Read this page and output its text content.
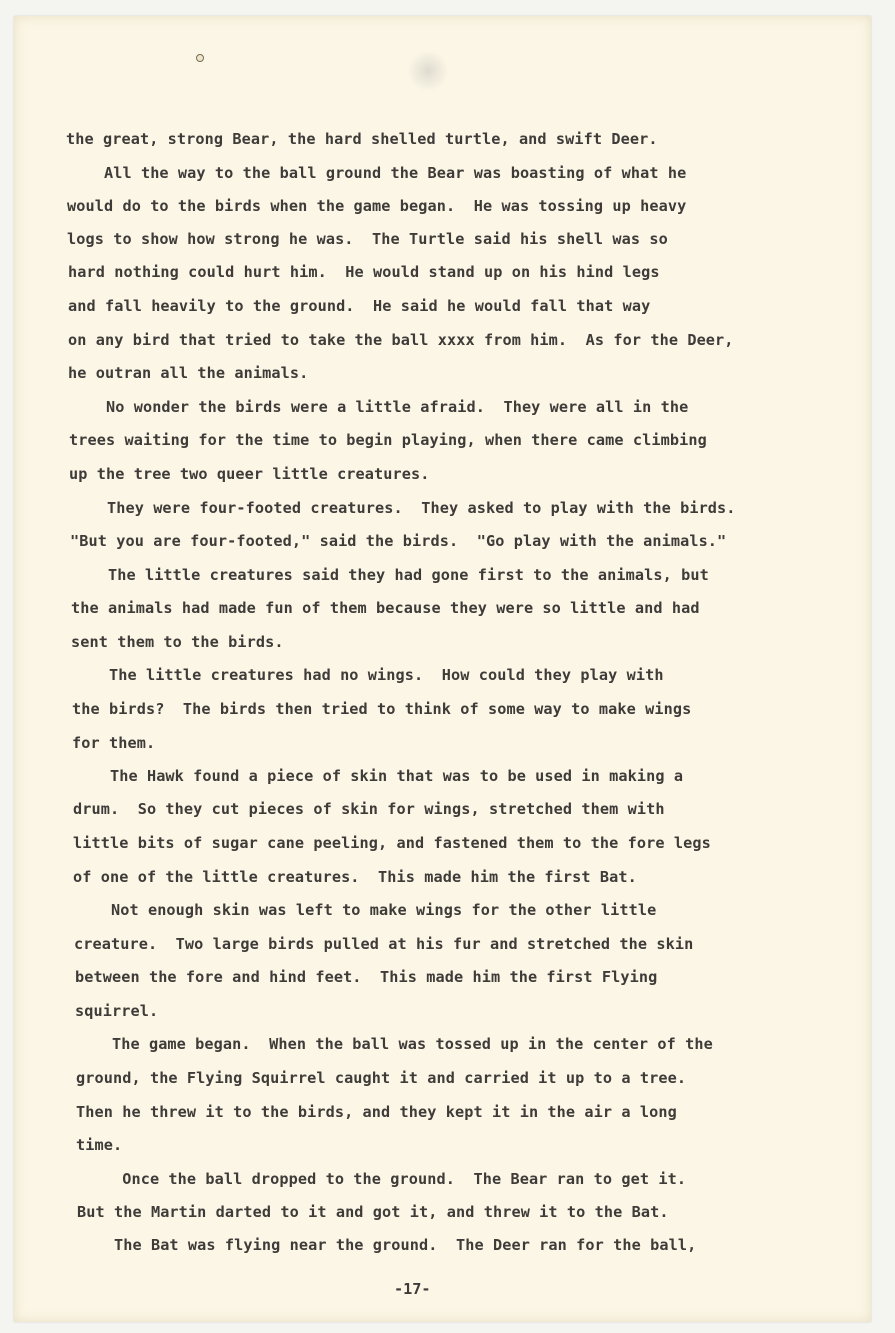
the great, strong Bear, the hard shelled turtle, and swift Deer.
All the way to the ball ground the Bear was boasting of what he
would do to the birds when the game began.  He was tossing up heavy
logs to show how strong he was.  The Turtle said his shell was so
hard nothing could hurt him.  He would stand up on his hind legs
and fall heavily to the ground.  He said he would fall that way
on any bird that tried to take the ball xxxx from him.  As for the Deer,
he outran all the animals.
No wonder the birds were a little afraid.  They were all in the
trees waiting for the time to begin playing, when there came climbing
up the tree two queer little creatures.
They were four-footed creatures.  They asked to play with the birds.
"But you are four-footed," said the birds.  "Go play with the animals."
The little creatures said they had gone first to the animals, but
the animals had made fun of them because they were so little and had
sent them to the birds.
The little creatures had no wings.  How could they play with
the birds?  The birds then tried to think of some way to make wings
for them.
The Hawk found a piece of skin that was to be used in making a
drum.  So they cut pieces of skin for wings, stretched them with
little bits of sugar cane peeling, and fastened them to the fore legs
of one of the little creatures.  This made him the first Bat.
Not enough skin was left to make wings for the other little
creature.  Two large birds pulled at his fur and stretched the skin
between the fore and hind feet.  This made him the first Flying
squirrel.
The game began.  When the ball was tossed up in the center of the
ground, the Flying Squirrel caught it and carried it up to a tree.
Then he threw it to the birds, and they kept it in the air a long
time.
Once the ball dropped to the ground.  The Bear ran to get it.
But the Martin darted to it and got it, and threw it to the Bat.
The Bat was flying near the ground.  The Deer ran for the ball,
-17-
